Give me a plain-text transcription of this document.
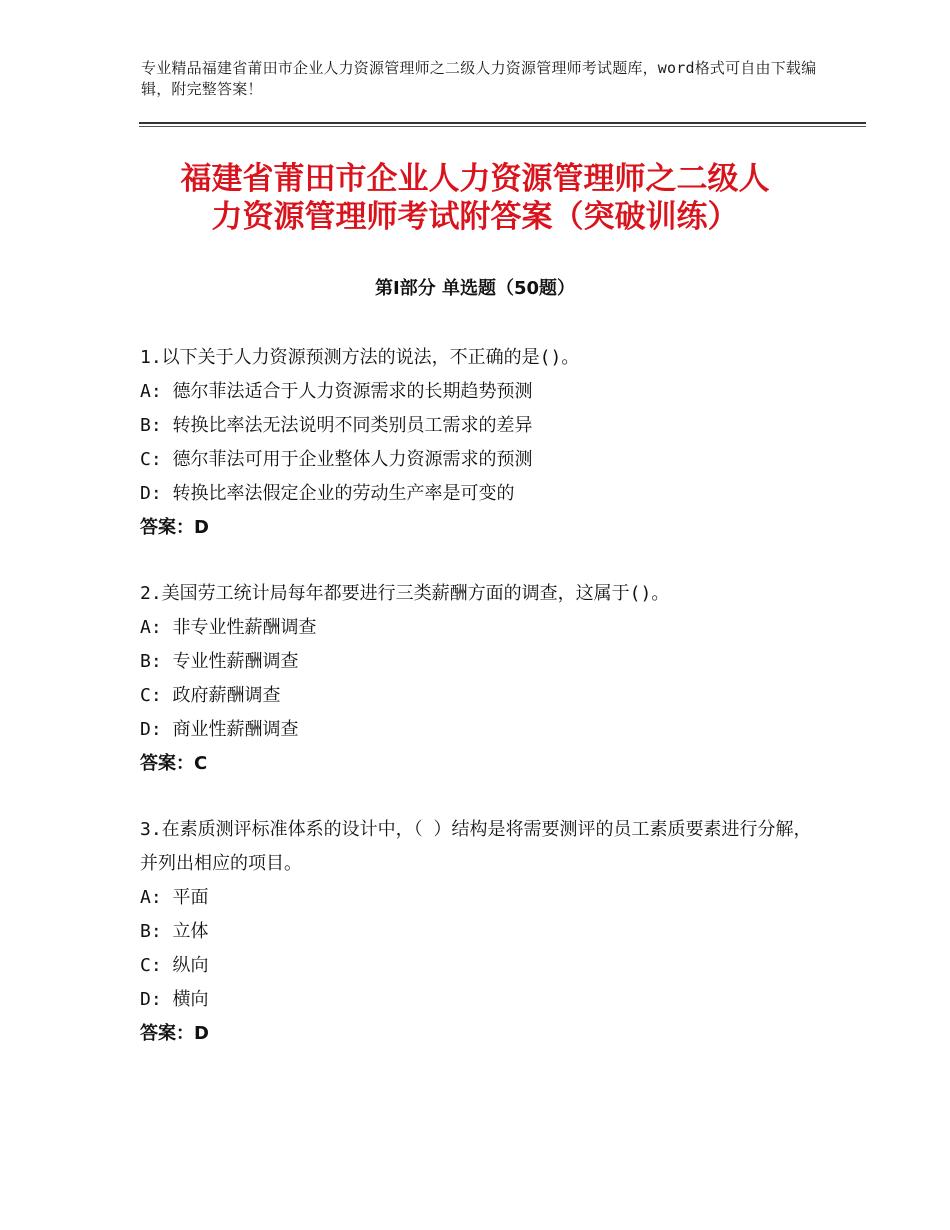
专业精品福建省莆田市企业人力资源管理师之二级人力资源管理师考试题库，word格式可自由下载编辑，附完整答案！
福建省莆田市企业人力资源管理师之二级人
力资源管理师考试附答案（突破训练）
第Ⅰ部分 单选题（50题）
1.以下关于人力资源预测方法的说法，不正确的是()。
A: 德尔菲法适合于人力资源需求的长期趋势预测
B: 转换比率法无法说明不同类别员工需求的差异
C: 德尔菲法可用于企业整体人力资源需求的预测
D: 转换比率法假定企业的劳动生产率是可变的
答案：D
2.美国劳工统计局每年都要进行三类薪酬方面的调查，这属于()。
A: 非专业性薪酬调查
B: 专业性薪酬调查
C: 政府薪酬调查
D: 商业性薪酬调查
答案：C
3.在素质测评标准体系的设计中，（ ）结构是将需要测评的员工素质要素进行分解，并列出相应的项目。
A: 平面
B: 立体
C: 纵向
D: 横向
答案：D
